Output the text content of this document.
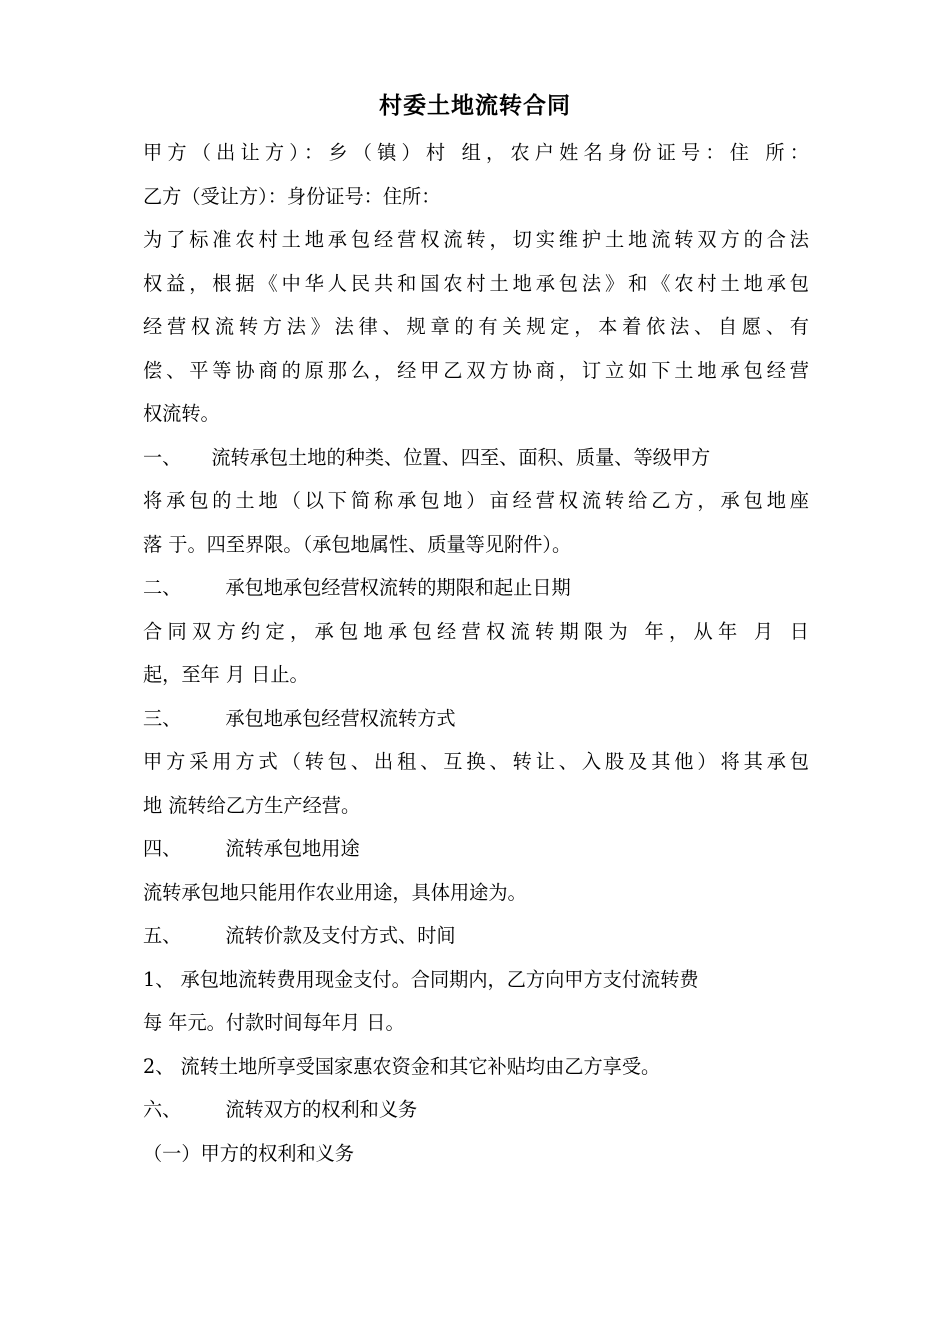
村委土地流转合同
甲方（出让方）：乡（镇）村 组，农户姓名身份证号：住 所：
乙方（受让方）：身份证号：住所：
为了标准农村土地承包经营权流转，切实维护土地流转双方的合法
权益，根据《中华人民共和国农村土地承包法》和《农村土地承包
经营权流转方法》法律、规章的有关规定，本着依法、自愿、有
偿、平等协商的原那么，经甲乙双方协商，订立如下土地承包经营
权流转。
一、 流转承包土地的种类、位置、四至、面积、质量、等级甲方
将承包的土地（以下简称承包地）亩经营权流转给乙方，承包地座
落 于。四至界限。（承包地属性、质量等见附件）。
二、 承包地承包经营权流转的期限和起止日期
合同双方约定，承包地承包经营权流转期限为 年，从年 月 日
起，至年 月 日止。
三、 承包地承包经营权流转方式
甲方采用方式（转包、出租、互换、转让、入股及其他）将其承包
地 流转给乙方生产经营。
四、 流转承包地用途
流转承包地只能用作农业用途，具体用途为。
五、 流转价款及支付方式、时间
1、 承包地流转费用现金支付。合同期内，乙方向甲方支付流转费
每 年元。付款时间每年月 日。
2、 流转土地所享受国家惠农资金和其它补贴均由乙方享受。
六、 流转双方的权利和义务
（一）甲方的权利和义务
